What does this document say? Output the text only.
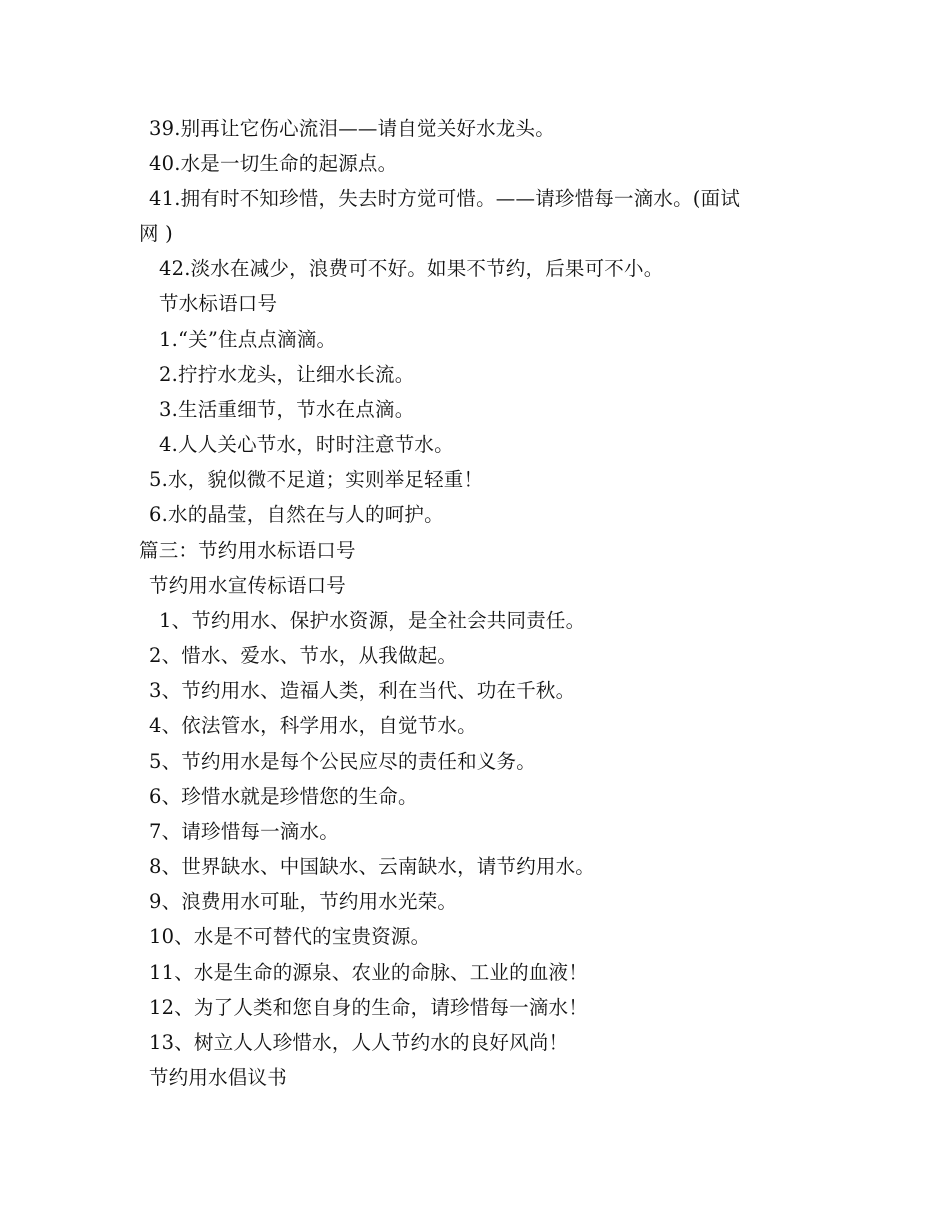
39.别再让它伤心流泪——请自觉关好水龙头。
40.水是一切生命的起源点。
41.拥有时不知珍惜，失去时方觉可惜。——请珍惜每一滴水。(面试
网 )
42.淡水在减少，浪费可不好。如果不节约，后果可不小。
节水标语口号
1.“关”住点点滴滴。
2.拧拧水龙头，让细水长流。
3.生活重细节，节水在点滴。
4.人人关心节水，时时注意节水。
5.水，貌似微不足道；实则举足轻重！
6.水的晶莹，自然在与人的呵护。
篇三：节约用水标语口号
节约用水宣传标语口号
1、节约用水、保护水资源，是全社会共同责任。
2、惜水、爱水、节水，从我做起。
3、节约用水、造福人类，利在当代、功在千秋。
4、依法管水，科学用水，自觉节水。
5、节约用水是每个公民应尽的责任和义务。
6、珍惜水就是珍惜您的生命。
7、请珍惜每一滴水。
8、世界缺水、中国缺水、云南缺水，请节约用水。
9、浪费用水可耻，节约用水光荣。
10、水是不可替代的宝贵资源。
11、水是生命的源泉、农业的命脉、工业的血液！
12、为了人类和您自身的生命，请珍惜每一滴水！
13、树立人人珍惜水，人人节约水的良好风尚！
节约用水倡议书
